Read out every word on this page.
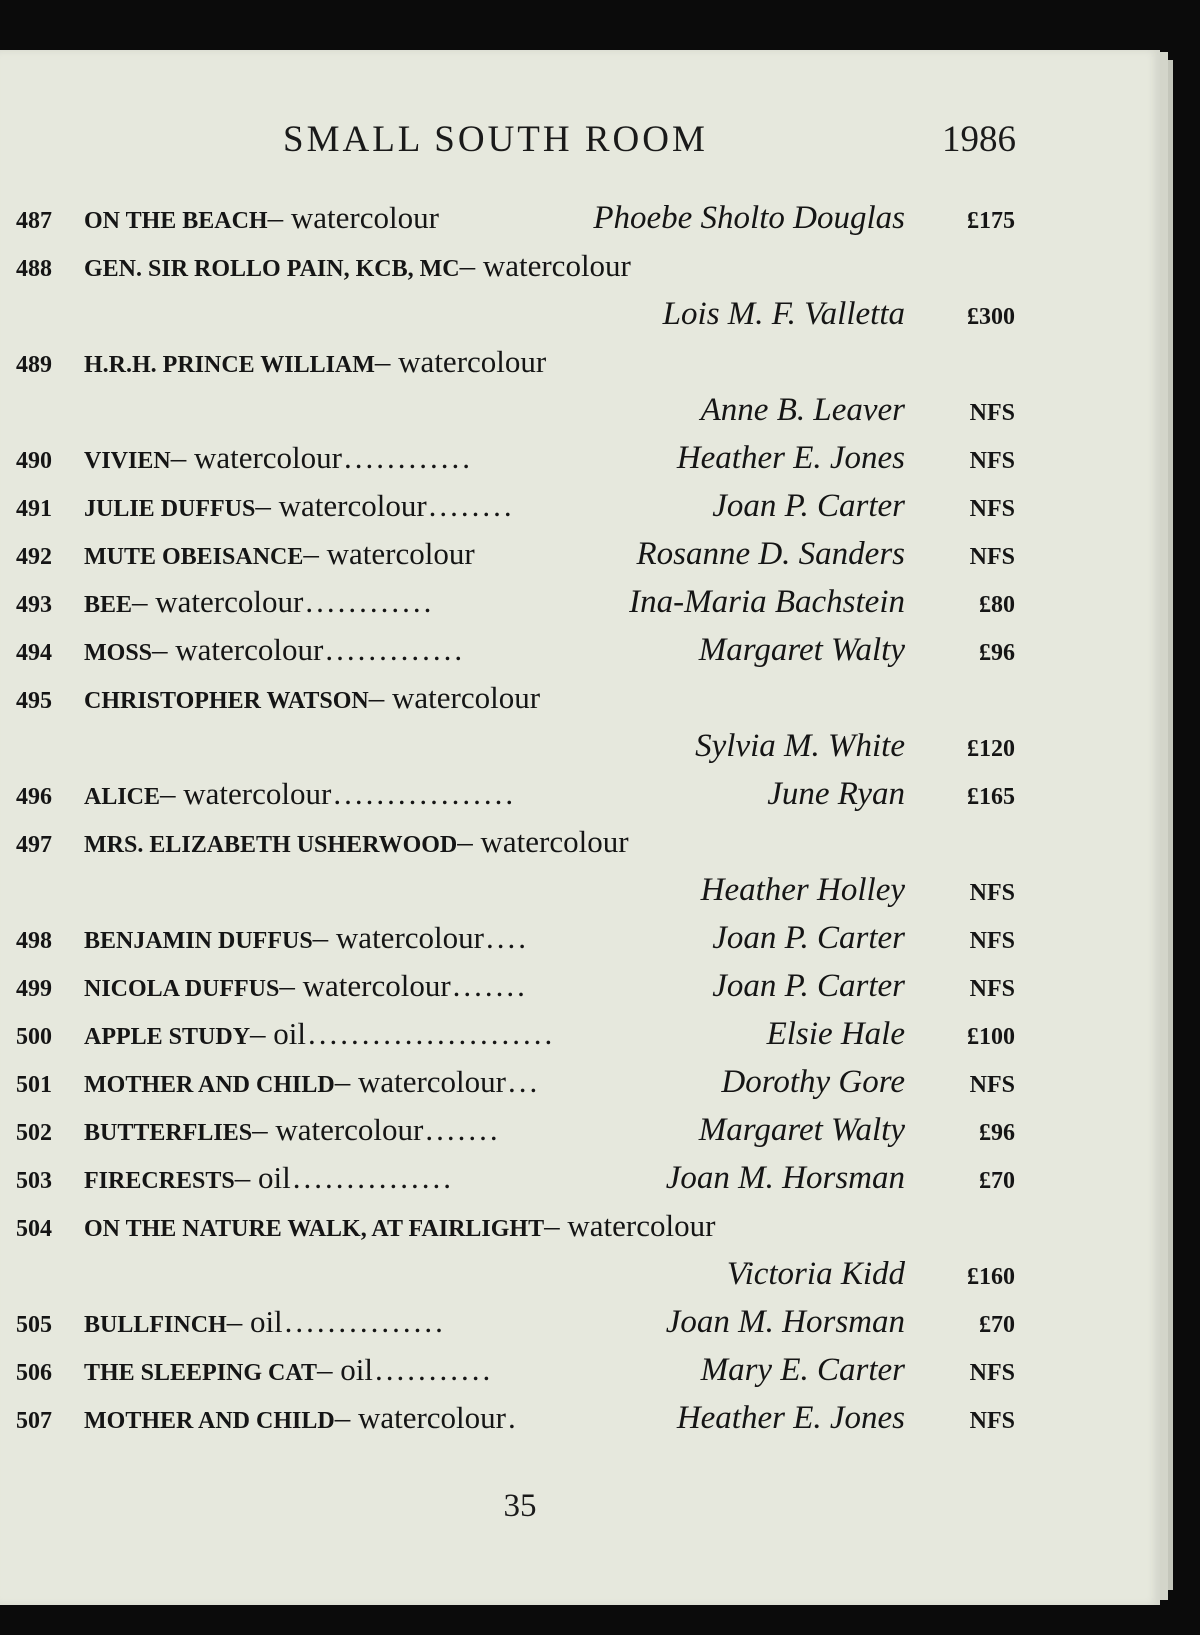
SMALL SOUTH ROOM	1986
487	ON THE BEACH – watercolour	Phoebe Sholto Douglas	£175
488	GEN. SIR ROLLO PAIN, KCB, MC – watercolour
Lois M. F. Valletta	£300
489	H.R.H. PRINCE WILLIAM – watercolour
Anne B. Leaver	NFS
490	VIVIEN – watercolour ............	Heather E. Jones	NFS
491	JULIE DUFFUS – watercolour ........	Joan P. Carter	NFS
492	MUTE OBEISANCE – watercolour	Rosanne D. Sanders	NFS
493	BEE – watercolour ............	Ina-Maria Bachstein	£80
494	MOSS – watercolour .............	Margaret Walty	£96
495	CHRISTOPHER WATSON – watercolour
Sylvia M. White	£120
496	ALICE – watercolour .................	June Ryan	£165
497	MRS. ELIZABETH USHERWOOD – watercolour
Heather Holley	NFS
498	BENJAMIN DUFFUS – watercolour ....	Joan P. Carter	NFS
499	NICOLA DUFFUS – watercolour .......	Joan P. Carter	NFS
500	APPLE STUDY – oil .......................	Elsie Hale	£100
501	MOTHER AND CHILD – watercolour ...	Dorothy Gore	NFS
502	BUTTERFLIES – watercolour .......	Margaret Walty	£96
503	FIRECRESTS – oil ...............	Joan M. Horsman	£70
504	ON THE NATURE WALK, AT FAIRLIGHT – watercolour
Victoria Kidd	£160
505	BULLFINCH – oil ...............	Joan M. Horsman	£70
506	THE SLEEPING CAT – oil ...........	Mary E. Carter	NFS
507	MOTHER AND CHILD – watercolour .	Heather E. Jones	NFS
35
